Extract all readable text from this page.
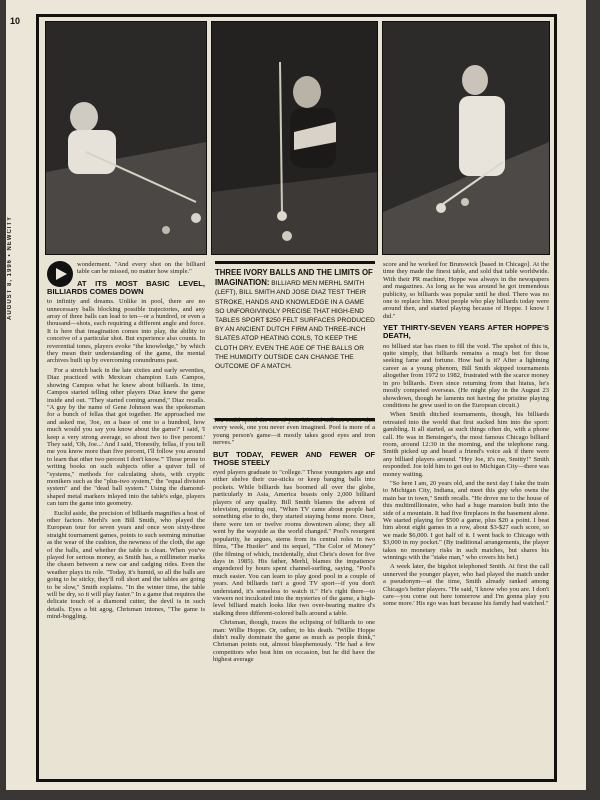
wonderment. "And every shot on the billiard table can be missed, no matter how simple."

AT ITS MOST BASIC LEVEL, BILLIARDS COMES DOWN

to infinity and dreams. Unlike in pool, there are no unnecessary balls blocking possible trajectories, and any array of three balls can lead to ten—or a hundred, or even a thousand—shots, each requiring a different angle and force. It is here that imagination comes into play, the ability to conceive of a particular shot. But experience also counts. In reverential tones, players evoke "the knowledge," by which they mean their understanding of the game, the mental archives built up by overcoming conundrums past.

For a stretch back in the late sixties and early seventies, Diaz practiced with Mexican champion Luis Campos, showing Campos what he knew about billiards. In time, Campos started telling other players Diaz knew the game inside and out. "They started coming around," Diaz recalls. "A guy by the name of Gene Johnson was the spokesman for a bunch of fellas that got together. He approached me and asked me, 'Joe, on a base of one to a hundred, how much would you say you know about the game?' I said, 'I keep a very strong average, so about two to five percent.' They said, 'Oh, Joe...' And I said, 'Honestly, fellas, if you tell me you know more than five percent, I'll follow you around to learn that other two percent I don't know.'" Those prone to writing books on such subjects offer a quiver full of "systems," methods for calculating shots, with cryptic monikers such as the "plus-two system," the "equal division system" and the "dead ball system." Using the diamond-shaped metal markers inlayed into the table's edge, players can turn the game into geometry.

Euclid aside, the precision of billiards magnifies a host of other factors. Merhl's son Bill Smith, who played the European tour for seven years and once won sixty-three straight tournament games, points to such seeming minutiae as the wear of the cushion, the newness of the cloth, the age of the balls, and whether the table is clean. When you've played for serious money, as Smith has, a millimeter marks the chasm between a new car and cadging rides. Even the weather plays its role. "Today, it's humid, so all the balls are going to be sticky, they'll roll short and the tables are going to be slow," Smith explains. "In the winter time, the table will be dry, so it will play faster." In a game that requires the delicate touch of a diamond cutter, the devil is in such details. Eyes a bit agog, Chrisman intones, "The game is mind-boggling.

THREE IVORY BALLS AND THE LIMITS OF IMAGINATION: BILLIARD MEN MERHL SMITH (LEFT), BILL SMITH AND JOSE DIAZ TEST THEIR STROKE, HANDS AND KNOWLEDGE IN A GAME SO UNFORGIVINGLY PRECISE THAT HIGH-END TABLES SPORT $250 FELT SURFACES PRODUCED BY AN ANCIENT DUTCH FIRM AND THREE-INCH SLATES ATOP HEATING COILS, TO KEEP THE CLOTH DRY. EVEN THE AGE OF THE BALLS OR THE HUMIDITY OUTSIDE CAN CHANGE THE OUTCOME OF A MATCH.

You could spend the rest of your life and still see a new shot every week, one you never even imagined. Pool is more of a young person's game—it mostly takes good eyes and iron nerves."

BUT TODAY, FEWER AND FEWER OF THOSE STEELY

eyed players graduate to "college." Those youngsters age and either shelve their cue-sticks or keep banging balls into pockets. While billiards has boomed all over the globe, particularly in Asia, America boasts only 2,000 billiard players of any quality. Bill Smith blames the advent of television, pointing out, "When TV came about people had something else to do, they started staying home more. Once, there were ten or twelve rooms downtown alone; they all went by the wayside as the world changed." Pool's resurgent popularity, he argues, stems from its central roles in two films, "The Hustler" and its sequel, "The Color of Money" (the filming of which, incidentally, shut Chris's down for five days in 1985). His father, Merhl, blames the impatience engendered by hours spent channel-surfing, saying, "Pool's much easier. You can learn to play good pool in a couple of years. And billiards isn't a good TV sport—if you don't understand, it's senseless to watch it." He's right there—to viewers not inculcated into the mysteries of the game, a high-level billiard match looks like two over-bearing maitre d's stalking three different-colored balls around a table.

Chrisman, though, traces the eclipsing of billiards to one man: Willie Hoppe. Or, rather, to his death. "Willie Hoppe didn't really dominate the game as much as people think," Chrisman points out, almost blasphemously. "He had a few competitors who beat him on occasion, but he did have the highest average

score and he worked for Brunswick [based in Chicago]. At the time they made the finest table, and sold that table worldwide. With their PR machine, Hoppe was always in the newspapers and magazines. As long as he was around he got tremendous publicity, so billiards was popular until he died. There was no one to replace him. Most people who play billiards today were around then, and started playing because of Hoppe. I know I did."

YET THIRTY-SEVEN YEARS AFTER HOPPE'S DEATH,

no billiard star has risen to fill the void. The upshot of this is, quite simply, that billiards remains a mug's bet for those seeking fame and fortune. How bad is it? After a lightning career as a young phenom, Bill Smith skipped tournaments altogether from 1972 to 1982, frustrated with the scarce money in pro billiards. Even since returning from that hiatus, he's mostly competed overseas. (He might play in the August 23 showdown, though he laments not having the pristine playing conditions he grew used to on the European circuit.)

When Smith ditched tournaments, though, his billiards retreated into the world that first sucked him into the sport: gambling. It all started, as such things often do, with a phone call. He was in Bensinger's, the most famous Chicago billiard room, around 12:30 in the morning, and the telephone rang. Smith picked up and heard a friend's voice ask if there were any billiard players around. "Hey Joe, it's me, Smitty!" Smith responded. Joe told him to get out to Michigan City—there was money waiting.

"So here I am, 20 years old, and the next day I take the train to Michigan City, Indiana, and meet this guy who owns the main bar in town," Smith recalls. "He drove me to the house of this multimillionaire, who had a huge mansion built into the side of a mountain. It had five fireplaces in the basement alone. We started playing for $500 a game, plus $20 a point. I beat him about eight games in a row, about $3-$27 each score, so we made $6,000. I got half of it. I went back to Chicago with $3,000 in my pocket." (By traditional arrangements, the player takes no monetary risks in such matches, but shares his winnings with the "stake man," who covers his bet.)

A week later, the bigshot telephoned Smith. At first the call unnerved the younger player, who had played the match under a pseudonym—at the time, Smith already ranked among Chicago's better players. "He said, 'I know who you are. I don't care—you come out here tomorrow and I'm gonna play you some more.' His ego was hurt because his family had watched."

10
AUGUST 8, 1996 • NEWCITY
